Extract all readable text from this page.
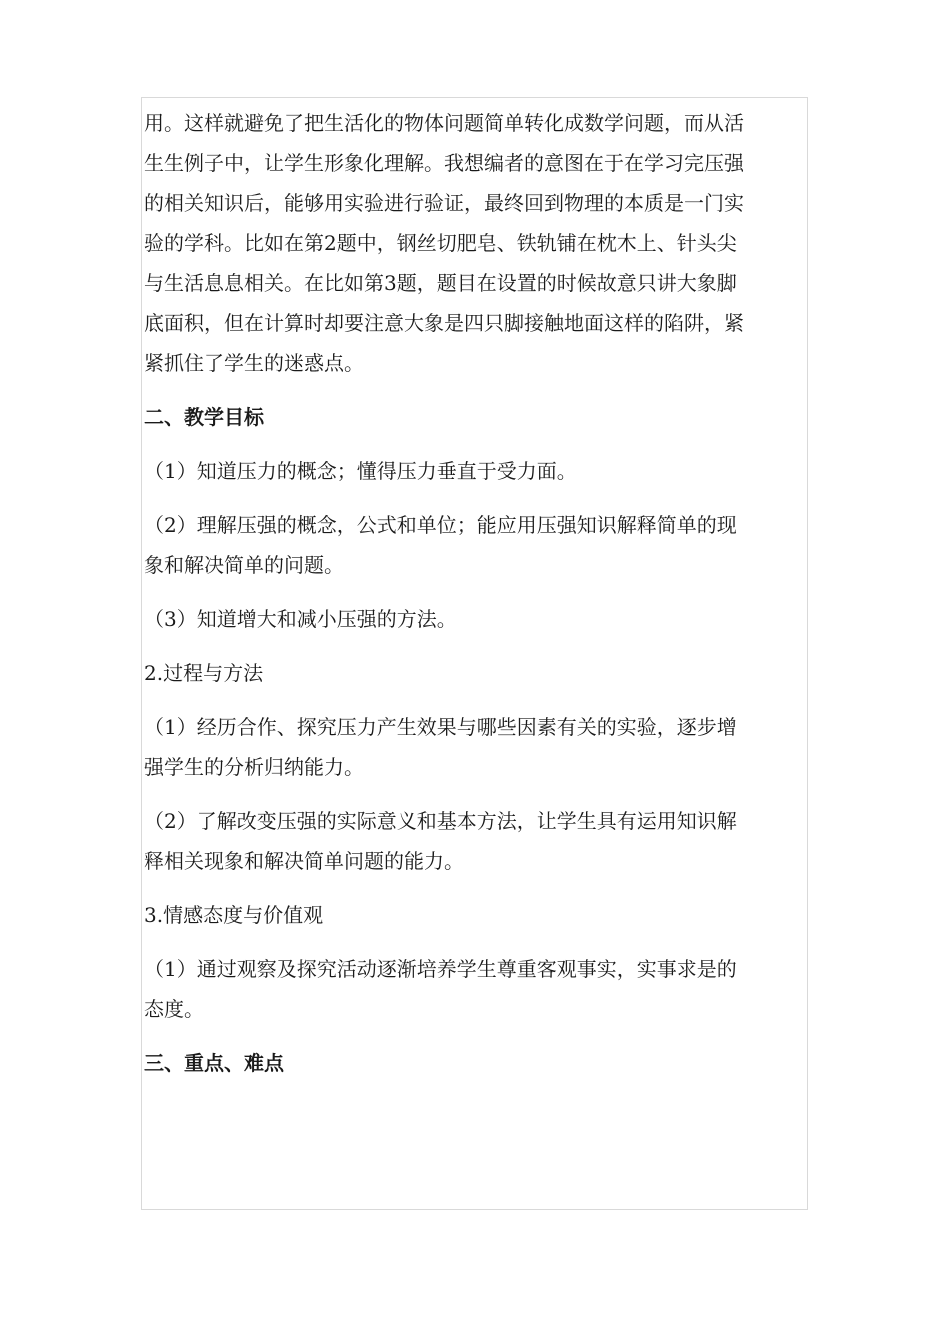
用。这样就避免了把生活化的物体问题简单转化成数学问题，而从活

生生例子中，让学生形象化理解。我想编者的意图在于在学习完压强

的相关知识后，能够用实验进行验证，最终回到物理的本质是一门实

验的学科。比如在第2题中，钢丝切肥皂、铁轨铺在枕木上、针头尖

与生活息息相关。在比如第3题，题目在设置的时候故意只讲大象脚

底面积，但在计算时却要注意大象是四只脚接触地面这样的陷阱，紧

紧抓住了学生的迷惑点。

二、教学目标

（1）知道压力的概念；懂得压力垂直于受力面。

（2）理解压强的概念，公式和单位；能应用压强知识解释简单的现

象和解决简单的问题。

（3）知道增大和减小压强的方法。

2.过程与方法

（1）经历合作、探究压力产生效果与哪些因素有关的实验，逐步增

强学生的分析归纳能力。

（2）了解改变压强的实际意义和基本方法，让学生具有运用知识解

释相关现象和解决简单问题的能力。

3.情感态度与价值观

（1）通过观察及探究活动逐渐培养学生尊重客观事实，实事求是的

态度。

三、重点、难点
